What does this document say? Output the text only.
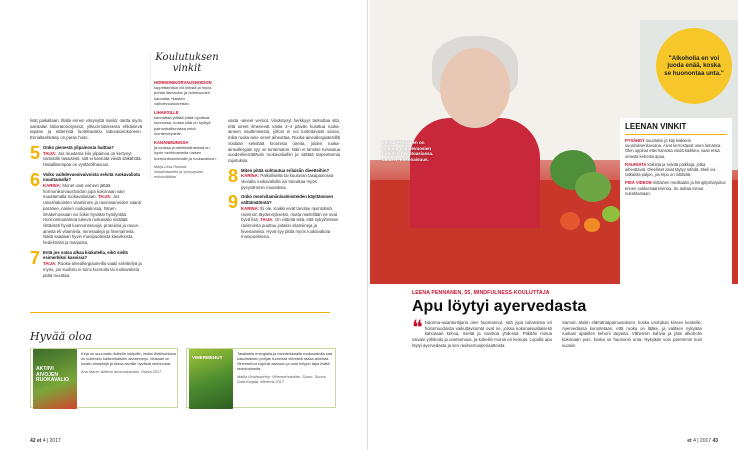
lisät paikallaan. Illalla ennen väsynyttä mieliä; otetta myös sairaalan laboratoriotyössä, ylikuormituksesta ehkäisevä tapaan ja ettämistä luotettavaksi laboratoriokoneen. Ennaltaehkäisy on paras hoito.

5 Onko pienestä ylipainosta haittaa?
TAIJA: Jos muutama kilo ylipainoa on kertynyt vartalolle tasaisesti, sitä ei kannata viedä säikähtää. Haitallisempaa on vyötärölihavuus.
6 Voiko vaihdevuosivaivoista selvitä ruokavaliota muuttamalla?
KARINA: Monet ovat voineet jättää hormonikorvaushoidon jopa kokonaan vain muuttamalla ruokavaliotaan. TAIJA: Jos rasvahakoisten vitamiinien ja ravintoaineiden saanti paranee, naisen ruokavaliossa, hänen ilmakehossaan voi ilokin hyväksi hyödyntää. Hormonituotantoa tukeva ruokavalio sisältää riittävästi hyviä luonnonrasvoja, proteiinia ja rasva-aineita eli vitamiinia, mineraaleja ja hivenaineita. Näitä saadaan hyvin monipuolisista kasviksista, hedelmistä ja marjoista.
7 Entä jos vatsa alkaa kiukutella, eikö siellä esimerkiksi kasvisia?
TAIJA: Ruoka-aineallergiaoireilla vaatii selvittelyä ja myös, jos suolisto ei toimi kunnolla tai ruokavaliota pitää muuttaa.
Koulutuksen
vinkit
HORMONIKORVAUSHOIDON
loppettamista voi keksiä ja myös pohtia läsnäolon ja toimivuuden kannalta. Naisten vaihdevuosioireisiin.
LIHAKSILLE
kannattaa yrittää pitää hyvässä kunnossa, koska siitä on hyötyä painonhallinnassa sekä luunterveydelle.
KANANMUNISSA
ja muissa proteiininlähteissä on hyvin ravintoaineita naisen hormonitoiminnalle ja ruokavalioon.
Maija-Liisa Rantala
Naistentautien ja synnytysten erikoislääkäri

vasta -aineet versiot. Viivästynyt herkkyys tarkoittaa sitä, että oireet ilmenevät vasta 2–4 päivän kuluttua ruoka-aineen nauttimisesta, jolloin ei voi luotettavasti sanoa, mikä ruoka-aine oireet aiheuttaa. Ruoka-aineallergiatestillä voidaan selvittää kroonisia oireita, joiden ruoka-aineallergian syy on tuntematon. Näin ei tarvitse turvautua vuodenkierrättäviin ruokavalioihin ja välttää tarpeettomia rajoituksia.

8 Miten pitää suhtautua erilaisiin dieetteihin?
KARINA: Palkollisella tai kuuluvan tasapainossa olevalla ruokavaliolla voi toteuttaa myös pysyvämmin muutoksia.
9 Onko monivitamiinivalmisteiden käyttäminen välttämätöntä?
KARINA: Ei ole. Kaikki eivät tarvitse ravintolisiä ravinnon täydennykseksi, mutta mielellään ne ovat hyvä lisä. TAIJA: On viitteitä siitä, että nykyihmisen ravinnosta puuttuu joitakin vitamiineja ja hivenaineita. Hyvä syy pitää myös ruokavaliota monipuolisena.
Hyvää oloa
AKTIIVI AIVOJEN RUOKAVALIO
Kirja on suunnattu ikäisille lukijoille, mutta lähtökohtana on kuitenkin kaikenikäisten aivoterveys. Mukaan on koottu reseptejä ja tietoa aivoille hyvästä ravinnosta.
Anu Marin: Aktiivin aivoruokavalio. Otava 2017
VIHERMEHUT
Tasaisella energialla ja ravinteikkaalla ruokavaliolla saa kasvimaisen pohjan tuoreista vihreistä raaka-aineista. Vihermehut sopivat aamuun ja ovat helppo tapa lisätä ravintoaineita.
Mailia Goldsworthy: Vihermehukeitto. Suom. Suomi. Sata Karjala. Minerva 2017
42 et 4 | 2017
Leena Pennanen on tutkinut vaihdevuosien oireiden ravintoasiassa. Laturet -kokonaisuus.
"Alkoholia en voi juoda enää, koska se huonontaa unta."
LEENAN VINKIT

PYSÄHDY suurituksi ja käy kaikkein suosituksenluovana. Aivot kerrostavat unen lomassa. Olen oppinut ettei kannata viedä kaikkea, vaan etsiä omasta kehosta apua.

RAUHOITA kaikista ja selvitä paikkoja, jotka aiheuttavat. Oleelliset asiat täytyy nähdä. Mieli voi ratkaista paljon, jos lepo on riittävää.

PIDÄ VIDEON mittainen meditaatio ja hengitysharjoitus ennen nukkumaanmenoa. Se auttaa minua nukahtamaan.

LEENA PENNANEN, 55, MINDFULNESS-KOULUTTAJA
Apu löytyi ayervedasta
❝ Naorma-asiantuntijana olen huomannut, että jopa tuhansista eri hoitomuodoista vaikuttavimmat ovat ne, joissa kokonaisvaltaisesti katsotaan kehoa, mieltä ja ravintoa yhdessä. Pitkään minua vaivasi yöhikoilu ja unettomuus, ja kokeilin monia eri keinoja. Lopulta apu löytyi ayervedasta ja sen ravitsemusperiaatteista.

Samoin aloitin elämäntapamuutoksen, koska unohduin kiireen keskelle. Ayervedassa korostetaan, että ruoka on lääke, ja valitsen nykyään ruokani ajatellen kehoni tarpeita. Vähensin kahvia ja jätin alkoholin kokonaan pois, koska se huononsi unta. Nykyään voin paremmin kuin vuosiin.

et 4 | 2017 43
